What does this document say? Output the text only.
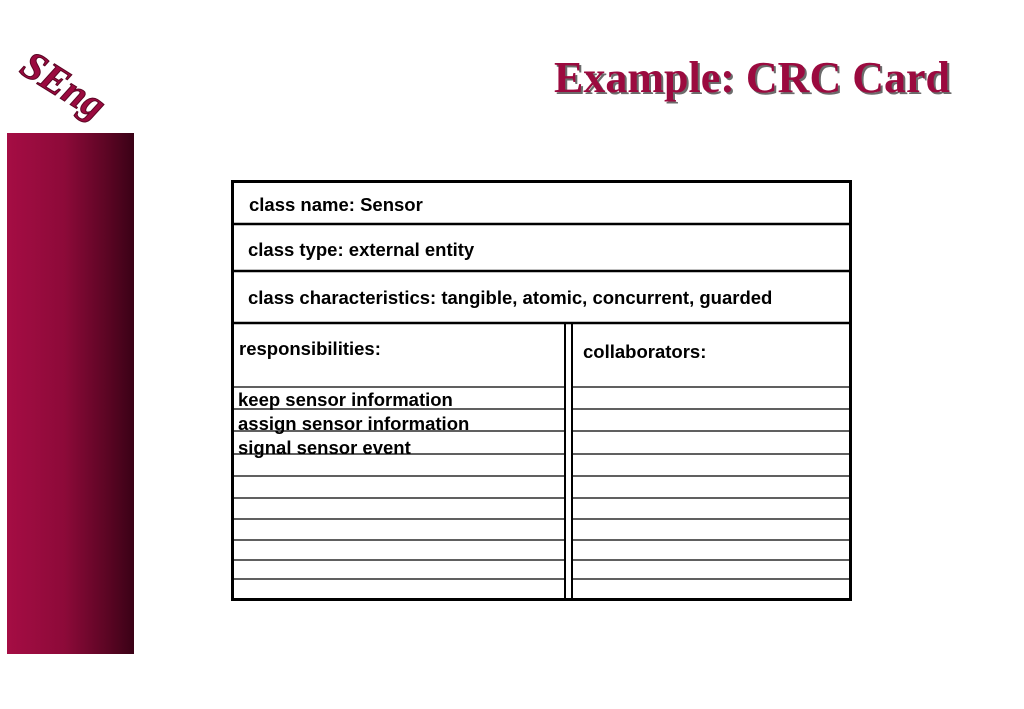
SEng	Example: CRC Card
class name: Sensor
class type: external entity
class characteristics: tangible, atomic, concurrent, guarded
responsibilities:	collaborators:
keep sensor information
assign sensor information
signal sensor event
